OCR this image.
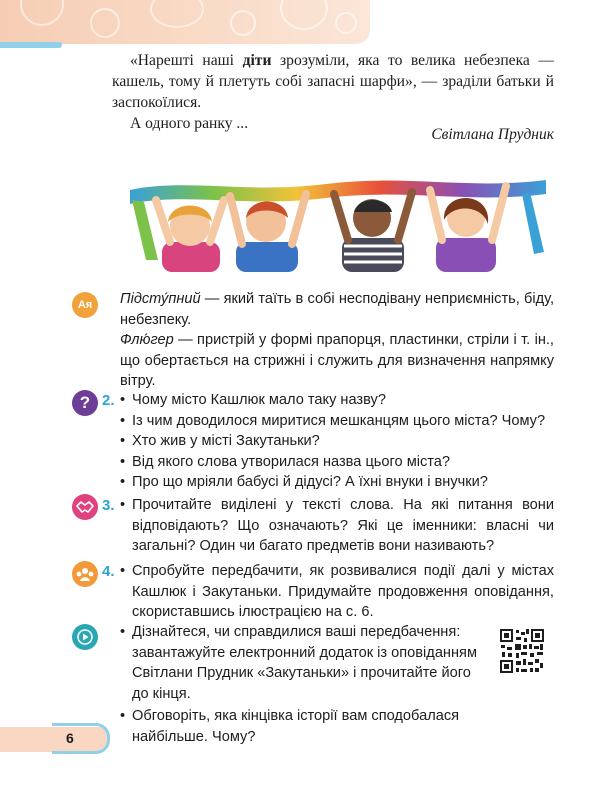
«Нарешті наші діти зрозуміли, яка то велика небезпека — кашель, тому й плетуть собі запасні шарфи», — зраділи батьки й заспокоїлися.

А одного ранку ...

Світлана Прудник
Ая Підсту́пний — який таїть в собі несподівану неприємність, біду, небезпеку.
Флю́гер — пристрій у формі прапорця, пластинки, стріли і т. ін., що обертається на стрижні і служить для визначення напрямку вітру.
? 2.	• Чому місто Кашлюк мало таку назву?
• Із чим доводилося миритися мешканцям цього міста? Чому?
• Хто жив у місті Закутаньки?
• Від якого слова утворилася назва цього міста?
• Про що мріяли бабусі й дідусі? А їхні внуки і внучки?
3.	• Прочитайте виділені у тексті слова. На які питання вони відповідають? Що означають? Які це іменники: власні чи загальні? Один чи багато предметів вони називають?
4.	• Спробуйте передбачити, як розвивалися події далі у містах Кашлюк і Закутаньки. Придумайте продовження оповідання, скориставшись ілюстрацією на с. 6.
• Дізнайтеся, чи справдилися ваші передбачення: завантажуйте електронний додаток із оповіданням Світлани Прудник «Закутаньки» і прочитайте його до кінця.
• Обговоріть, яка кінцівка історії вам сподобалася найбільше. Чому?
6
